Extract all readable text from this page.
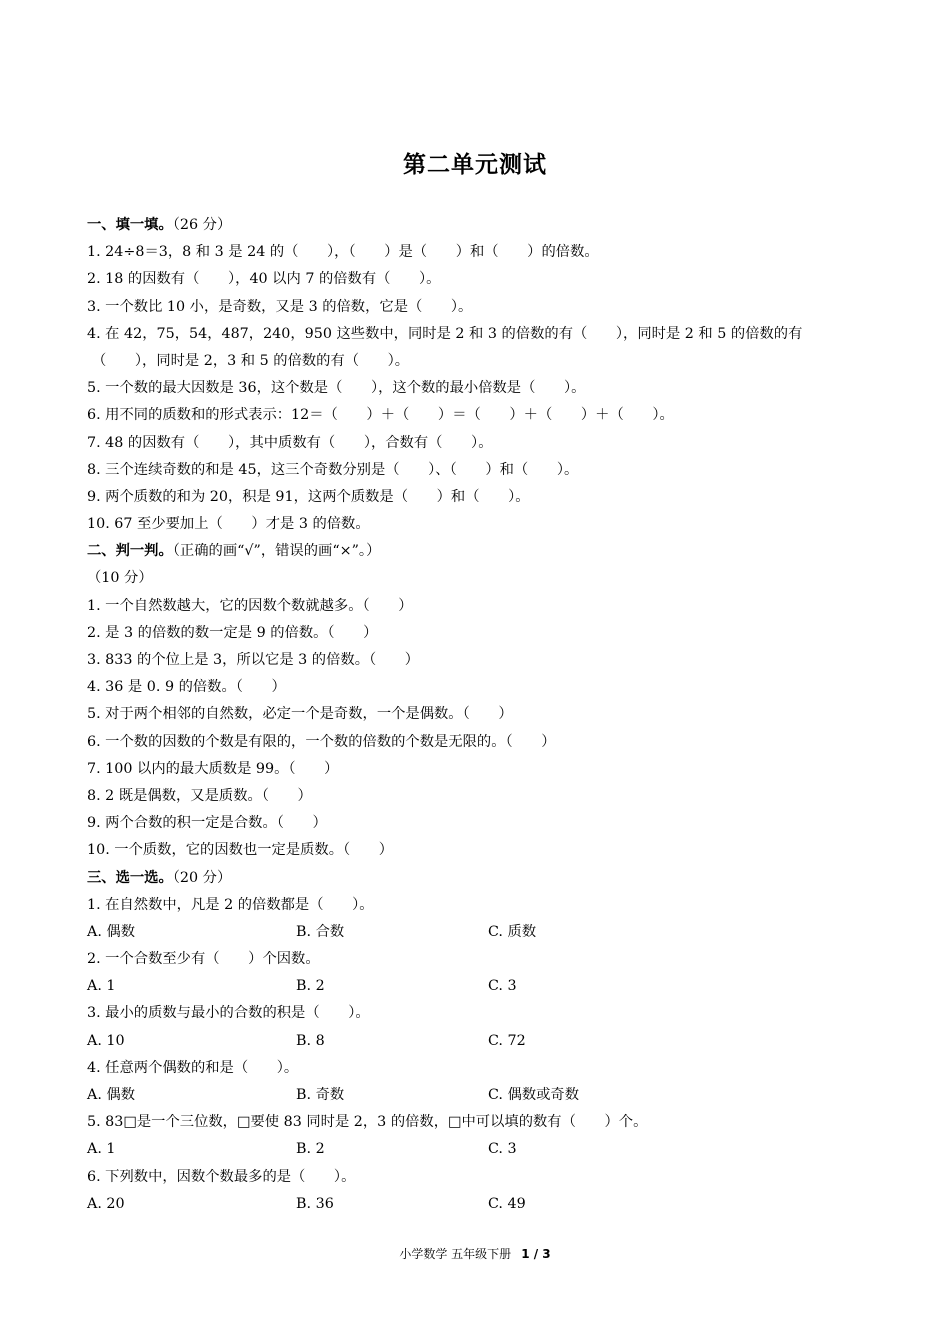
第二单元测试
一、填一填。（26 分）
1. 24÷8＝3，8 和 3 是 24 的（　　），（　　）是（　　）和（　　）的倍数。
2. 18 的因数有（　　），40 以内 7 的倍数有（　　）。
3. 一个数比 10 小，是奇数，又是 3 的倍数，它是（　　）。
4. 在 42，75，54，487，240，950 这些数中，同时是 2 和 3 的倍数的有（　　），同时是 2 和 5 的倍数的有
（　　），同时是 2，3 和 5 的倍数的有（　　）。
5. 一个数的最大因数是 36，这个数是（　　），这个数的最小倍数是（　　）。
6. 用不同的质数和的形式表示：12＝（　　）＋（　　）＝（　　）＋（　　）＋（　　）。
7. 48 的因数有（　　），其中质数有（　　），合数有（　　）。
8. 三个连续奇数的和是 45，这三个奇数分别是（　　）、（　　）和（　　）。
9. 两个质数的和为 20，积是 91，这两个质数是（　　）和（　　）。
10. 67 至少要加上（　　）才是 3 的倍数。
二、判一判。（正确的画“√”，错误的画“×”。）
（10 分）
1. 一个自然数越大，它的因数个数就越多。（　　）
2. 是 3 的倍数的数一定是 9 的倍数。（　　）
3. 833 的个位上是 3，所以它是 3 的倍数。（　　）
4. 36 是 0. 9 的倍数。（　　）
5. 对于两个相邻的自然数，必定一个是奇数，一个是偶数。（　　）
6. 一个数的因数的个数是有限的，一个数的倍数的个数是无限的。（　　）
7. 100 以内的最大质数是 99。（　　）
8. 2 既是偶数，又是质数。（　　）
9. 两个合数的积一定是合数。（　　）
10. 一个质数，它的因数也一定是质数。（　　）
三、选一选。（20 分）
1. 在自然数中，凡是 2 的倍数都是（　　）。
A. 偶数	B. 合数	C. 质数
2. 一个合数至少有（　　）个因数。
A. 1	B. 2	C. 3
3. 最小的质数与最小的合数的积是（　　）。
A. 10	B. 8	C. 72
4. 任意两个偶数的和是（　　）。
A. 偶数	B. 奇数	C. 偶数或奇数
5. 83□是一个三位数，□要使 83 同时是 2，3 的倍数，□中可以填的数有（　　）个。
A. 1	B. 2	C. 3
6. 下列数中，因数个数最多的是（　　）。
A. 20	B. 36	C. 49
小学数学 五年级下册 1 / 3
